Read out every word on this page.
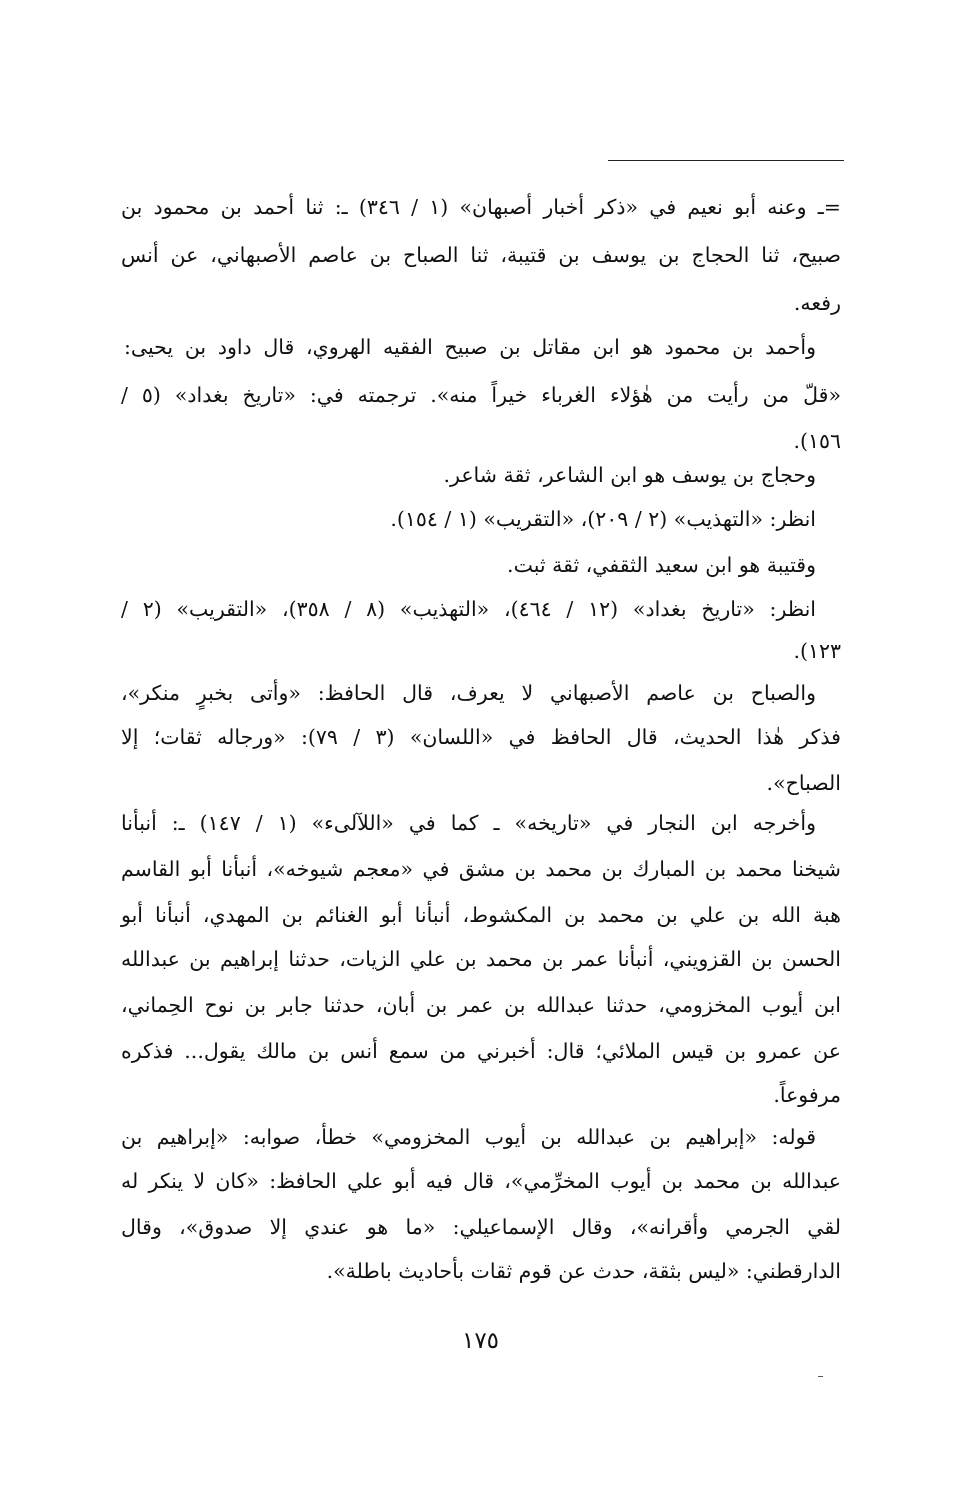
=ـ وعنه أبو نعيم في «ذكر أخبار أصبهان» (١ / ٣٤٦) ـ: ثنا أحمد بن محمود بن
صبيح، ثنا الحجاج بن يوسف بن قتيبة، ثنا الصباح بن عاصم الأصبهاني، عن أنس
رفعه.
وأحمد بن محمود هو ابن مقاتل بن صبيح الفقيه الهروي، قال داود بن يحيى:
«قلّ من رأيت من هٰؤلاء الغرباء خيراً منه». ترجمته في: «تاريخ بغداد» (٥ /
١٥٦).
وحجاج بن يوسف هو ابن الشاعر، ثقة شاعر.
انظر: «التهذيب» (٢ / ٢٠٩)، «التقريب» (١ / ١٥٤).
وقتيبة هو ابن سعيد الثقفي، ثقة ثبت.
انظر: «تاريخ بغداد» (١٢ / ٤٦٤)، «التهذيب» (٨ / ٣٥٨)، «التقريب» (٢ /
١٢٣).
والصباح بن عاصم الأصبهاني لا يعرف، قال الحافظ: «وأتى بخبرٍ منكر»،
فذكر هٰذا الحديث، قال الحافظ في «اللسان» (٣ / ٧٩): «ورجاله ثقات؛ إلا
الصباح».
وأخرجه ابن النجار في «تاريخه» ـ كما في «اللآلىء» (١ / ١٤٧) ـ: أنبأنا
شيخنا محمد بن المبارك بن محمد بن مشق في «معجم شيوخه»، أنبأنا أبو القاسم
هبة الله بن علي بن محمد بن المكشوط، أنبأنا أبو الغنائم بن المهدي، أنبأنا أبو
الحسن بن القزويني، أنبأنا عمر بن محمد بن علي الزيات، حدثنا إبراهيم بن عبدالله
ابن أيوب المخزومي، حدثنا عبدالله بن عمر بن أبان، حدثنا جابر بن نوح الحِماني،
عن عمرو بن قيس الملائي؛ قال: أخبرني من سمع أنس بن مالك يقول... فذكره
مرفوعاً.
قوله: «إبراهيم بن عبدالله بن أيوب المخزومي» خطأ، صوابه: «إبراهيم بن
عبدالله بن محمد بن أيوب المخرِّمي»، قال فيه أبو علي الحافظ: «كان لا ينكر له
لقي الجرمي وأقرانه»، وقال الإسماعيلي: «ما هو عندي إلا صدوق»، وقال
الدارقطني: «ليس بثقة، حدث عن قوم ثقات بأحاديث باطلة».
١٧٥
